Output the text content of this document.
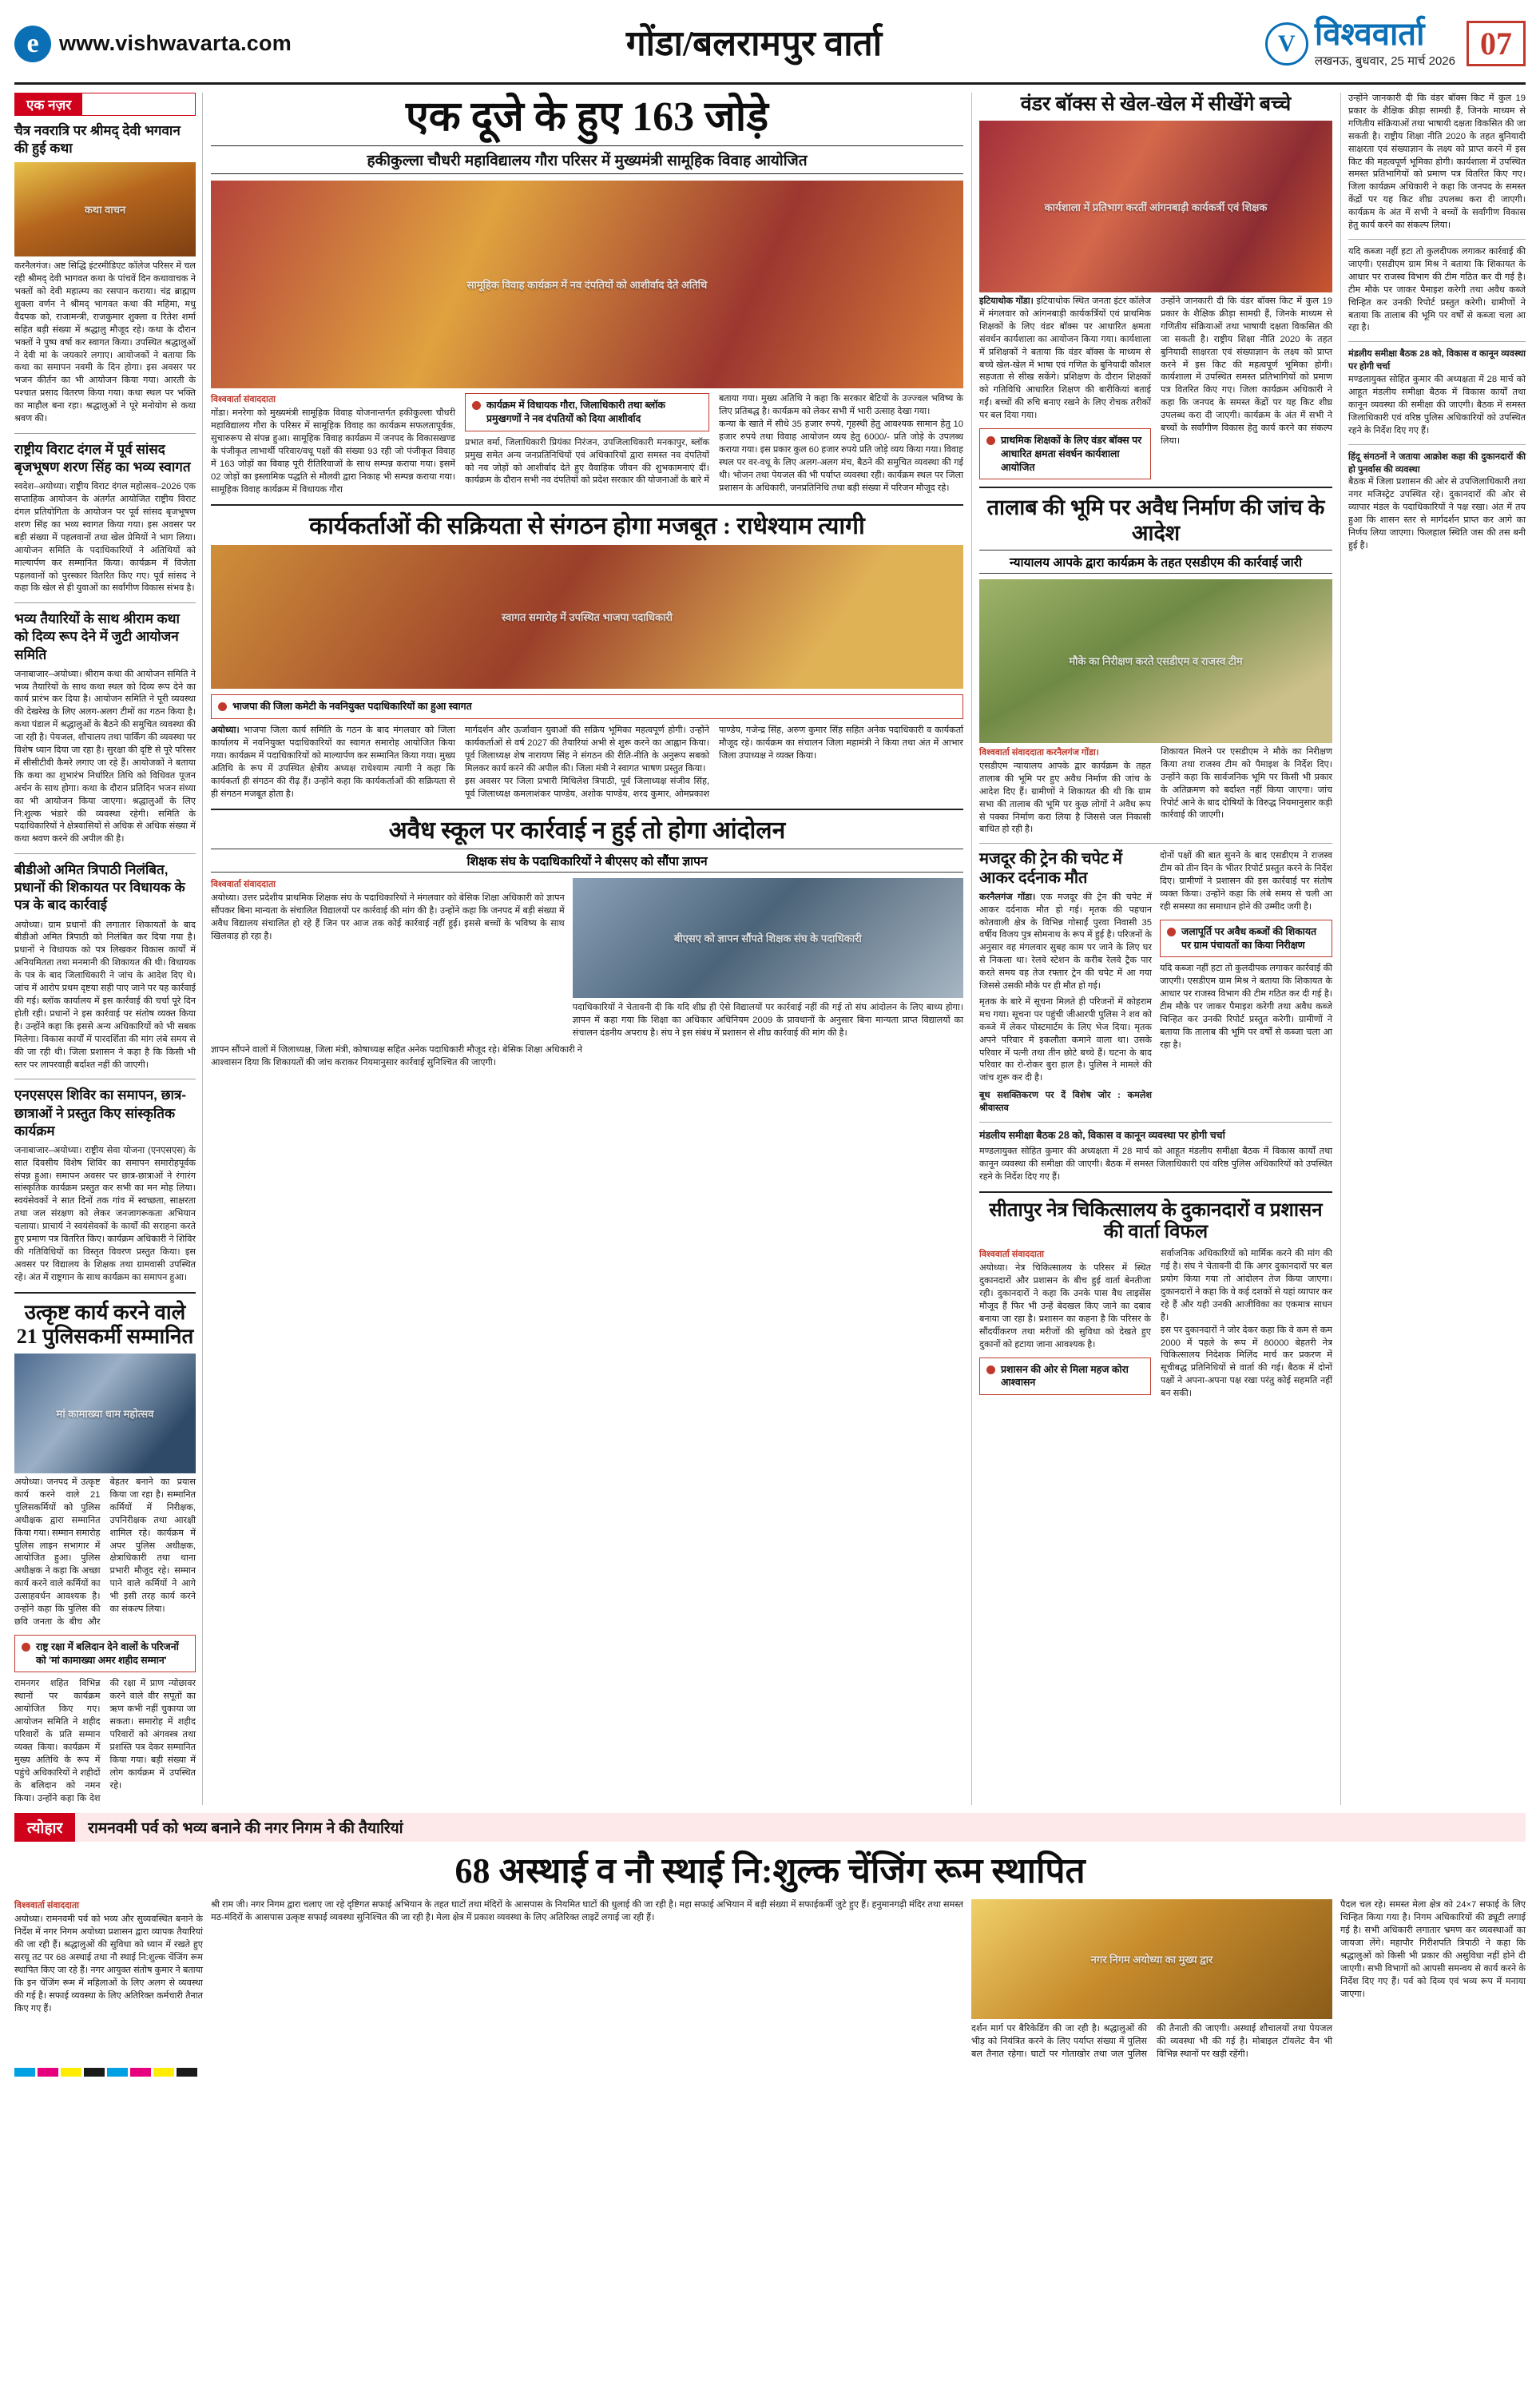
e www.vishwavarta.com	गोंडा/बलरामपुर वार्ता	V विश्ववार्ता
लखनऊ, बुधवार, 25 मार्च 2026 07
एक नज़र
चैत्र नवरात्रि पर श्रीमद् देवी भगवान की हुई कथा
कथा वाचन
करनैलगंज। अष्ट सिद्धि इंटरमीडिएट कॉलेज परिसर में चल रही श्रीमद् देवी भागवत कथा के पांचवें दिन कथावाचक ने भक्तों को देवी महात्म्य का रसपान कराया। चंद्र ब्राह्मण शुक्ला वर्णन ने श्रीमद् भागवत कथा की महिमा, मधु वैदपक को, राजामन्त्री, राजकुमार शुक्ला व रितेश शर्मा सहित बड़ी संख्या में श्रद्धालु मौजूद रहे। कथा के दौरान भक्तों ने पुष्प वर्षा कर स्वागत किया। उपस्थित श्रद्धालुओं ने देवी मां के जयकारे लगाए। आयोजकों ने बताया कि कथा का समापन नवमी के दिन होगा। इस अवसर पर भजन कीर्तन का भी आयोजन किया गया। आरती के पश्चात प्रसाद वितरण किया गया। कथा स्थल पर भक्ति का माहौल बना रहा। श्रद्धालुओं ने पूरे मनोयोग से कथा श्रवण की।
राष्ट्रीय विराट दंगल में पूर्व सांसद बृजभूषण शरण सिंह का भव्य स्वागत
स्वदेश–अयोध्या। राष्ट्रीय विराट दंगल महोत्सव–2026 एक सप्ताहिक आयोजन के अंतर्गत आयोजित राष्ट्रीय विराट दंगल प्रतियोगिता के आयोजन पर पूर्व सांसद बृजभूषण शरण सिंह का भव्य स्वागत किया गया। इस अवसर पर बड़ी संख्या में पहलवानों तथा खेल प्रेमियों ने भाग लिया। आयोजन समिति के पदाधिकारियों ने अतिथियों को माल्यार्पण कर सम्मानित किया। कार्यक्रम में विजेता पहलवानों को पुरस्कार वितरित किए गए। पूर्व सांसद ने कहा कि खेल से ही युवाओं का सर्वांगीण विकास संभव है।
भव्य तैयारियों के साथ श्रीराम कथा को दिव्य रूप देने में जुटी आयोजन समिति
जनाबाजार–अयोध्या। श्रीराम कथा की आयोजन समिति ने भव्य तैयारियों के साथ कथा स्थल को दिव्य रूप देने का कार्य प्रारंभ कर दिया है। आयोजन समिति ने पूरी व्यवस्था की देखरेख के लिए अलग-अलग टीमों का गठन किया है। कथा पंडाल में श्रद्धालुओं के बैठने की समुचित व्यवस्था की जा रही है। पेयजल, शौचालय तथा पार्किंग की व्यवस्था पर विशेष ध्यान दिया जा रहा है। सुरक्षा की दृष्टि से पूरे परिसर में सीसीटीवी कैमरे लगाए जा रहे हैं। आयोजकों ने बताया कि कथा का शुभारंभ निर्धारित तिथि को विधिवत पूजन अर्चन के साथ होगा। कथा के दौरान प्रतिदिन भजन संध्या का भी आयोजन किया जाएगा। श्रद्धालुओं के लिए नि:शुल्क भंडारे की व्यवस्था रहेगी। समिति के पदाधिकारियों ने क्षेत्रवासियों से अधिक से अधिक संख्या में कथा श्रवण करने की अपील की है।
बीडीओ अमित त्रिपाठी निलंबित, प्रधानों की शिकायत पर विधायक के पत्र के बाद कार्रवाई
अयोध्या। ग्राम प्रधानों की लगातार शिकायतों के बाद बीडीओ अमित त्रिपाठी को निलंबित कर दिया गया है। प्रधानों ने विधायक को पत्र लिखकर विकास कार्यों में अनियमितता तथा मनमानी की शिकायत की थी। विधायक के पत्र के बाद जिलाधिकारी ने जांच के आदेश दिए थे। जांच में आरोप प्रथम दृष्टया सही पाए जाने पर यह कार्रवाई की गई। ब्लॉक कार्यालय में इस कार्रवाई की चर्चा पूरे दिन होती रही। प्रधानों ने इस कार्रवाई पर संतोष व्यक्त किया है। उन्होंने कहा कि इससे अन्य अधिकारियों को भी सबक मिलेगा। विकास कार्यों में पारदर्शिता की मांग लंबे समय से की जा रही थी। जिला प्रशासन ने कहा है कि किसी भी स्तर पर लापरवाही बर्दाश्त नहीं की जाएगी।
एनएसएस शिविर का समापन, छात्र-छात्राओं ने प्रस्तुत किए सांस्कृतिक कार्यक्रम
जनाबाजार–अयोध्या। राष्ट्रीय सेवा योजना (एनएसएस) के सात दिवसीय विशेष शिविर का समापन समारोहपूर्वक संपन्न हुआ। समापन अवसर पर छात्र-छात्राओं ने रंगारंग सांस्कृतिक कार्यक्रम प्रस्तुत कर सभी का मन मोह लिया। स्वयंसेवकों ने सात दिनों तक गांव में स्वच्छता, साक्षरता तथा जल संरक्षण को लेकर जनजागरूकता अभियान चलाया। प्राचार्य ने स्वयंसेवकों के कार्यों की सराहना करते हुए प्रमाण पत्र वितरित किए। कार्यक्रम अधिकारी ने शिविर की गतिविधियों का विस्तृत विवरण प्रस्तुत किया। इस अवसर पर विद्यालय के शिक्षक तथा ग्रामवासी उपस्थित रहे। अंत में राष्ट्रगान के साथ कार्यक्रम का समापन हुआ।
उत्कृष्ट कार्य करने वाले 21 पुलिसकर्मी सम्मानित
मां कामाख्या धाम महोत्सव
अयोध्या। जनपद में उत्कृष्ट कार्य करने वाले 21 पुलिसकर्मियों को पुलिस अधीक्षक द्वारा सम्मानित किया गया। सम्मान समारोह पुलिस लाइन सभागार में आयोजित हुआ। पुलिस अधीक्षक ने कहा कि अच्छा कार्य करने वाले कर्मियों का उत्साहवर्धन आवश्यक है। उन्होंने कहा कि पुलिस की छवि जनता के बीच और बेहतर बनाने का प्रयास किया जा रहा है। सम्मानित कर्मियों में निरीक्षक, उपनिरीक्षक तथा आरक्षी शामिल रहे। कार्यक्रम में अपर पुलिस अधीक्षक, क्षेत्राधिकारी तथा थाना प्रभारी मौजूद रहे। सम्मान पाने वाले कर्मियों ने आगे भी इसी तरह कार्य करने का संकल्प लिया।
राष्ट्र रक्षा में बलिदान देने वालों के परिजनों को 'मां कामाख्या अमर शहीद सम्मान'
रामनगर शहित विभिन्न स्थानों पर कार्यक्रम आयोजित किए गए। आयोजन समिति ने शहीद परिवारों के प्रति सम्मान व्यक्त किया। कार्यक्रम में मुख्य अतिथि के रूप में पहुंचे अधिकारियों ने शहीदों के बलिदान को नमन किया। उन्होंने कहा कि देश की रक्षा में प्राण न्योछावर करने वाले वीर सपूतों का ऋण कभी नहीं चुकाया जा सकता। समारोह में शहीद परिवारों को अंगवस्त्र तथा प्रशस्ति पत्र देकर सम्मानित किया गया। बड़ी संख्या में लोग कार्यक्रम में उपस्थित रहे।
एक दूजे के हुए 163 जोड़े
हकीकुल्ला चौधरी महाविद्यालय गौरा परिसर में मुख्यमंत्री सामूहिक विवाह आयोजित
सामूहिक विवाह कार्यक्रम में नव दंपतियों को आशीर्वाद देते अतिथि
विश्ववार्ता संवाददाता
गोंडा। मनरेगा को मुख्यमंत्री सामूहिक विवाह योजनान्तर्गत हकीकुल्ला चौधरी महाविद्यालय गौरा के परिसर में सामूहिक विवाह का कार्यक्रम सफलतापूर्वक, सुचारुरूप से संपन्न हुआ। सामूहिक विवाह कार्यक्रम में जनपद के विकासखण्ड के पंजीकृत लाभार्थी परिवार/वधू पक्षों की संख्या 93 रही जो पंजीकृत विवाह में 163 जोड़ों का विवाह पूरी रीतिरिवाजों के साथ सम्पन्न कराया गया। इसमें 02 जोड़ों का इस्लामिक पद्धति से मौलवी द्वारा निकाह भी सम्पन्न कराया गया। सामूहिक विवाह कार्यक्रम में विधायक गौरा
कार्यक्रम में विधायक गौरा, जिलाधिकारी तथा ब्लॉक प्रमुखगणों ने नव दंपतियों को दिया आशीर्वाद
प्रभात वर्मा, जिलाधिकारी प्रियंका निरंजन, उपजिलाधिकारी मनकापुर, ब्लॉक प्रमुख समेत अन्य जनप्रतिनिधियों एवं अधिकारियों द्वारा समस्त नव दंपतियों को नव जोड़ों को आशीर्वाद देते हुए वैवाहिक जीवन की शुभकामनाएं दीं। कार्यक्रम के दौरान सभी नव दंपतियों को प्रदेश सरकार की योजनाओं के बारे में बताया गया। मुख्य अतिथि ने कहा कि सरकार बेटियों के उज्ज्वल भविष्य के लिए प्रतिबद्ध है। कार्यक्रम को लेकर सभी में भारी उत्साह देखा गया।
कन्या के खाते में सीधे 35 हजार रुपये, गृहस्थी हेतु आवश्यक सामान हेतु 10 हजार रुपये तथा विवाह आयोजन व्यय हेतु 6000/- प्रति जोड़े के उपलब्ध कराया गया। इस प्रकार कुल 60 हजार रुपये प्रति जोड़े व्यय किया गया। विवाह स्थल पर वर-वधू के लिए अलग-अलग मंच, बैठने की समुचित व्यवस्था की गई थी। भोजन तथा पेयजल की भी पर्याप्त व्यवस्था रही। कार्यक्रम स्थल पर जिला प्रशासन के अधिकारी, जनप्रतिनिधि तथा बड़ी संख्या में परिजन मौजूद रहे।
कार्यकर्ताओं की सक्रियता से संगठन होगा मजबूत : राधेश्याम त्यागी
स्वागत समारोह में उपस्थित भाजपा पदाधिकारी
भाजपा की जिला कमेटी के नवनियुक्त पदाधिकारियों का हुआ स्वागत
अयोध्या। भाजपा जिला कार्य समिति के गठन के बाद मंगलवार को जिला कार्यालय में नवनियुक्त पदाधिकारियों का स्वागत समारोह आयोजित किया गया। कार्यक्रम में पदाधिकारियों को माल्यार्पण कर सम्मानित किया गया। मुख्य अतिथि के रूप में उपस्थित क्षेत्रीय अध्यक्ष राधेश्याम त्यागी ने कहा कि कार्यकर्ता ही संगठन की रीढ़ हैं। उन्होंने कहा कि कार्यकर्ताओं की सक्रियता से ही संगठन मजबूत होता है।
मार्गदर्शन और ऊर्जावान युवाओं की सक्रिय भूमिका महत्वपूर्ण होगी। उन्होंने कार्यकर्ताओं से वर्ष 2027 की तैयारियां अभी से शुरू करने का आह्वान किया। पूर्व जिलाध्यक्ष शेष नारायण सिंह ने संगठन की रीति-नीति के अनुरूप सबको मिलकर कार्य करने की अपील की। जिला मंत्री ने स्वागत भाषण प्रस्तुत किया।
इस अवसर पर जिला प्रभारी मिथिलेश त्रिपाठी, पूर्व जिलाध्यक्ष संजीव सिंह, पूर्व जिलाध्यक्ष कमलाशंकर पाण्डेय, अशोक पाण्डेय, शरद कुमार, ओमप्रकाश पाण्डेय, गजेन्द्र सिंह, अरुण कुमार सिंह सहित अनेक पदाधिकारी व कार्यकर्ता मौजूद रहे। कार्यक्रम का संचालन जिला महामंत्री ने किया तथा अंत में आभार जिला उपाध्यक्ष ने व्यक्त किया।
अवैध स्कूल पर कार्रवाई न हुई तो होगा आंदोलन
शिक्षक संघ के पदाधिकारियों ने बीएसए को सौंपा ज्ञापन
विश्ववार्ता संवाददाता
अयोध्या। उत्तर प्रदेशीय प्राथमिक शिक्षक संघ के पदाधिकारियों ने मंगलवार को बेसिक शिक्षा अधिकारी को ज्ञापन सौंपकर बिना मान्यता के संचालित विद्यालयों पर कार्रवाई की मांग की है। उन्होंने कहा कि जनपद में बड़ी संख्या में अवैध विद्यालय संचालित हो रहे हैं जिन पर आज तक कोई कार्रवाई नहीं हुई। इससे बच्चों के भविष्य के साथ खिलवाड़ हो रहा है।	बीएसए को ज्ञापन सौंपते शिक्षक संघ के पदाधिकारी
पदाधिकारियों ने चेतावनी दी कि यदि शीघ्र ही ऐसे विद्यालयों पर कार्रवाई नहीं की गई तो संघ आंदोलन के लिए बाध्य होगा। ज्ञापन में कहा गया कि शिक्षा का अधिकार अधिनियम 2009 के प्रावधानों के अनुसार बिना मान्यता प्राप्त विद्यालयों का संचालन दंडनीय अपराध है। संघ ने इस संबंध में प्रशासन से शीघ्र कार्रवाई की मांग की है।
ज्ञापन सौंपने वालों में जिलाध्यक्ष, जिला मंत्री, कोषाध्यक्ष सहित अनेक पदाधिकारी मौजूद रहे। बेसिक शिक्षा अधिकारी ने आश्वासन दिया कि शिकायतों की जांच कराकर नियमानुसार कार्रवाई सुनिश्चित की जाएगी।
वंडर बॉक्स से खेल-खेल में सीखेंगे बच्चे
कार्यशाला में प्रतिभाग करतीं आंगनबाड़ी कार्यकर्त्री एवं शिक्षक
इटियाथोक गोंडा। इटियाथोक स्थित जनता इंटर कॉलेज में मंगलवार को आंगनबाड़ी कार्यकर्त्रियों एवं प्राथमिक शिक्षकों के लिए वंडर बॉक्स पर आधारित क्षमता संवर्धन कार्यशाला का आयोजन किया गया। कार्यशाला में प्रशिक्षकों ने बताया कि वंडर बॉक्स के माध्यम से बच्चे खेल-खेल में भाषा एवं गणित के बुनियादी कौशल सहजता से सीख सकेंगे। प्रशिक्षण के दौरान शिक्षकों को गतिविधि आधारित शिक्षण की बारीकियां बताई गईं। बच्चों की रुचि बनाए रखने के लिए रोचक तरीकों पर बल दिया गया।
प्राथमिक शिक्षकों के लिए वंडर बॉक्स पर आधारित क्षमता संवर्धन कार्यशाला आयोजित
उन्होंने जानकारी दी कि वंडर बॉक्स किट में कुल 19 प्रकार के शैक्षिक क्रीड़ा सामग्री हैं, जिनके माध्यम से गणितीय संक्रियाओं तथा भाषायी दक्षता विकसित की जा सकती है। राष्ट्रीय शिक्षा नीति 2020 के तहत बुनियादी साक्षरता एवं संख्याज्ञान के लक्ष्य को प्राप्त करने में इस किट की महत्वपूर्ण भूमिका होगी। कार्यशाला में उपस्थित समस्त प्रतिभागियों को प्रमाण पत्र वितरित किए गए। जिला कार्यक्रम अधिकारी ने कहा कि जनपद के समस्त केंद्रों पर यह किट शीघ्र उपलब्ध करा दी जाएगी। कार्यक्रम के अंत में सभी ने बच्चों के सर्वांगीण विकास हेतु कार्य करने का संकल्प लिया।
तालाब की भूमि पर अवैध निर्माण की जांच के आदेश
न्यायालय आपके द्वारा कार्यक्रम के तहत एसडीएम की कार्रवाई जारी
मौके का निरीक्षण करते एसडीएम व राजस्व टीम
विश्ववार्ता संवाददाता करनैलगंज गोंडा।
एसडीएम न्यायालय आपके द्वार कार्यक्रम के तहत तालाब की भूमि पर हुए अवैध निर्माण की जांच के आदेश दिए हैं। ग्रामीणों ने शिकायत की थी कि ग्राम सभा की तालाब की भूमि पर कुछ लोगों ने अवैध रूप से पक्का निर्माण करा लिया है जिससे जल निकासी बाधित हो रही है।
शिकायत मिलने पर एसडीएम ने मौके का निरीक्षण किया तथा राजस्व टीम को पैमाइश के निर्देश दिए। उन्होंने कहा कि सार्वजनिक भूमि पर किसी भी प्रकार के अतिक्रमण को बर्दाश्त नहीं किया जाएगा। जांच रिपोर्ट आने के बाद दोषियों के विरुद्ध नियमानुसार कड़ी कार्रवाई की जाएगी।
मजदूर की ट्रेन की चपेट में आकर दर्दनाक मौत
करनैलगंज गोंडा। एक मजदूर की ट्रेन की चपेट में आकर दर्दनाक मौत हो गई। मृतक की पहचान कोतवाली क्षेत्र के विभिन्न गोसाईं पुरवा निवासी 35 वर्षीय विजय पुत्र सोमनाथ के रूप में हुई है। परिजनों के अनुसार वह मंगलवार सुबह काम पर जाने के लिए घर से निकला था। रेलवे स्टेशन के करीब रेलवे ट्रैक पार करते समय वह तेज रफ्तार ट्रेन की चपेट में आ गया जिससे उसकी मौके पर ही मौत हो गई।
मृतक के बारे में सूचना मिलते ही परिजनों में कोहराम मच गया। सूचना पर पहुंची जीआरपी पुलिस ने शव को कब्जे में लेकर पोस्टमार्टम के लिए भेज दिया। मृतक अपने परिवार में इकलौता कमाने वाला था। उसके परिवार में पत्नी तथा तीन छोटे बच्चे हैं। घटना के बाद परिवार का रो-रोकर बुरा हाल है। पुलिस ने मामले की जांच शुरू कर दी है।
बूथ सशक्तिकरण पर दें विशेष जोर : कमलेश श्रीवास्तव
दोनों पक्षों की बात सुनने के बाद एसडीएम ने राजस्व टीम को तीन दिन के भीतर रिपोर्ट प्रस्तुत करने के निर्देश दिए। ग्रामीणों ने प्रशासन की इस कार्रवाई पर संतोष व्यक्त किया। उन्होंने कहा कि लंबे समय से चली आ रही समस्या का समाधान होने की उम्मीद जगी है।
जलापूर्ति पर अवैध कब्जों की शिकायत पर ग्राम पंचायतों का किया निरीक्षण
यदि कब्जा नहीं हटा तो कुलदीपक लगाकर कार्रवाई की जाएगी। एसडीएम ग्राम मिश्र ने बताया कि शिकायत के आधार पर राजस्व विभाग की टीम गठित कर दी गई है। टीम मौके पर जाकर पैमाइश करेगी तथा अवैध कब्जे चिन्हित कर उनकी रिपोर्ट प्रस्तुत करेगी। ग्रामीणों ने बताया कि तालाब की भूमि पर वर्षों से कब्जा चला आ रहा है।
मंडलीय समीक्षा बैठक 28 को, विकास व कानून व्यवस्था पर होगी चर्चा
मण्डलायुक्त सोहित कुमार की अध्यक्षता में 28 मार्च को आहूत मंडलीय समीक्षा बैठक में विकास कार्यों तथा कानून व्यवस्था की समीक्षा की जाएगी। बैठक में समस्त जिलाधिकारी एवं वरिष्ठ पुलिस अधिकारियों को उपस्थित रहने के निर्देश दिए गए हैं।
सीतापुर नेत्र चिकित्सालय के दुकानदारों व प्रशासन की वार्ता विफल
विश्ववार्ता संवाददाता
अयोध्या। नेत्र चिकित्सालय के परिसर में स्थित दुकानदारों और प्रशासन के बीच हुई वार्ता बेनतीजा रही। दुकानदारों ने कहा कि उनके पास वैध लाइसेंस मौजूद हैं फिर भी उन्हें बेदखल किए जाने का दबाव बनाया जा रहा है। प्रशासन का कहना है कि परिसर के सौंदर्यीकरण तथा मरीजों की सुविधा को देखते हुए दुकानों को हटाया जाना आवश्यक है।
प्रशासन की ओर से मिला महज कोरा आश्वासन
सर्वाजनिक अधिकारियों को मार्मिक करने की मांग की गई है। संघ ने चेतावनी दी कि अगर दुकानदारों पर बल प्रयोग किया गया तो आंदोलन तेज किया जाएगा। दुकानदारों ने कहा कि वे कई दशकों से यहां व्यापार कर रहे हैं और यही उनकी आजीविका का एकमात्र साधन है।
इस पर दुकानदारों ने जोर देकर कहा कि वे कम से कम 2000 में पहले के रूप में 80000 बेहतरी नेत्र चिकित्सालय निदेशक मिलिंद मार्च कर प्रकरण में सूचीबद्ध प्रतिनिधियों से वार्ता की गई। बैठक में दोनों पक्षों ने अपना-अपना पक्ष रखा परंतु कोई सहमति नहीं बन सकी।
उन्होंने जानकारी दी कि वंडर बॉक्स किट में कुल 19 प्रकार के शैक्षिक क्रीड़ा सामग्री हैं, जिनके माध्यम से गणितीय संक्रियाओं तथा भाषायी दक्षता विकसित की जा सकती है। राष्ट्रीय शिक्षा नीति 2020 के तहत बुनियादी साक्षरता एवं संख्याज्ञान के लक्ष्य को प्राप्त करने में इस किट की महत्वपूर्ण भूमिका होगी। कार्यशाला में उपस्थित समस्त प्रतिभागियों को प्रमाण पत्र वितरित किए गए। जिला कार्यक्रम अधिकारी ने कहा कि जनपद के समस्त केंद्रों पर यह किट शीघ्र उपलब्ध करा दी जाएगी। कार्यक्रम के अंत में सभी ने बच्चों के सर्वांगीण विकास हेतु कार्य करने का संकल्प लिया।
यदि कब्जा नहीं हटा तो कुलदीपक लगाकर कार्रवाई की जाएगी। एसडीएम ग्राम मिश्र ने बताया कि शिकायत के आधार पर राजस्व विभाग की टीम गठित कर दी गई है। टीम मौके पर जाकर पैमाइश करेगी तथा अवैध कब्जे चिन्हित कर उनकी रिपोर्ट प्रस्तुत करेगी। ग्रामीणों ने बताया कि तालाब की भूमि पर वर्षों से कब्जा चला आ रहा है।
मंडलीय समीक्षा बैठक 28 को, विकास व कानून व्यवस्था पर होगी चर्चा
मण्डलायुक्त सोहित कुमार की अध्यक्षता में 28 मार्च को आहूत मंडलीय समीक्षा बैठक में विकास कार्यों तथा कानून व्यवस्था की समीक्षा की जाएगी। बैठक में समस्त जिलाधिकारी एवं वरिष्ठ पुलिस अधिकारियों को उपस्थित रहने के निर्देश दिए गए हैं।
हिंदू संगठनों ने जताया आक्रोश कहा की दुकानदारों की हो पुनर्वास की व्यवस्था
बैठक में जिला प्रशासन की ओर से उपजिलाधिकारी तथा नगर मजिस्ट्रेट उपस्थित रहे। दुकानदारों की ओर से व्यापार मंडल के पदाधिकारियों ने पक्ष रखा। अंत में तय हुआ कि शासन स्तर से मार्गदर्शन प्राप्त कर आगे का निर्णय लिया जाएगा। फिलहाल स्थिति जस की तस बनी हुई है।
त्योहार	रामनवमी पर्व को भव्य बनाने की नगर निगम ने की तैयारियां
68 अस्थाई व नौ स्थाई नि:शुल्क चेंजिंग रूम स्थापित
विश्ववार्ता संवाददाता
अयोध्या। रामनवमी पर्व को भव्य और सुव्यवस्थित बनाने के निर्देश में नगर निगम अयोध्या प्रशासन द्वारा व्यापक तैयारियां की जा रही हैं। श्रद्धालुओं की सुविधा को ध्यान में रखते हुए सरयू तट पर 68 अस्थाई तथा नौ स्थाई नि:शुल्क चेंजिंग रूम स्थापित किए जा रहे हैं। नगर आयुक्त संतोष कुमार ने बताया कि इन चेंजिंग रूम में महिलाओं के लिए अलग से व्यवस्था की गई है। सफाई व्यवस्था के लिए अतिरिक्त कर्मचारी तैनात किए गए हैं।
श्री राम जी। नगर निगम द्वारा चलाए जा रहे दृष्टिगत सफाई अभियान के तहत घाटों तथा मंदिरों के आसपास के नियमित घाटों की धुलाई की जा रही है। महा सफाई अभियान में बड़ी संख्या में सफाईकर्मी जुटे हुए हैं। हनुमानगढ़ी मंदिर तथा समस्त मठ-मंदिरों के आसपास उत्कृष्ट सफाई व्यवस्था सुनिश्चित की जा रही है। मेला क्षेत्र में प्रकाश व्यवस्था के लिए अतिरिक्त लाइटें लगाई जा रही हैं।
नगर निगम अयोध्या का मुख्य द्वार
दर्शन मार्ग पर बैरिकेडिंग की जा रही है। श्रद्धालुओं की भीड़ को नियंत्रित करने के लिए पर्याप्त संख्या में पुलिस बल तैनात रहेगा। घाटों पर गोताखोर तथा जल पुलिस की तैनाती की जाएगी। अस्थाई शौचालयों तथा पेयजल की व्यवस्था भी की गई है। मोबाइल टॉयलेट वैन भी विभिन्न स्थानों पर खड़ी रहेंगी।
पैदल चल रहे। समस्त मेला क्षेत्र को 24×7 सफाई के लिए चिन्हित किया गया है। निगम अधिकारियों की ड्यूटी लगाई गई है। सभी अधिकारी लगातार भ्रमण कर व्यवस्थाओं का जायजा लेंगे। महापौर गिरीशपति त्रिपाठी ने कहा कि श्रद्धालुओं को किसी भी प्रकार की असुविधा नहीं होने दी जाएगी। सभी विभागों को आपसी समन्वय से कार्य करने के निर्देश दिए गए हैं। पर्व को दिव्य एवं भव्य रूप में मनाया जाएगा।
